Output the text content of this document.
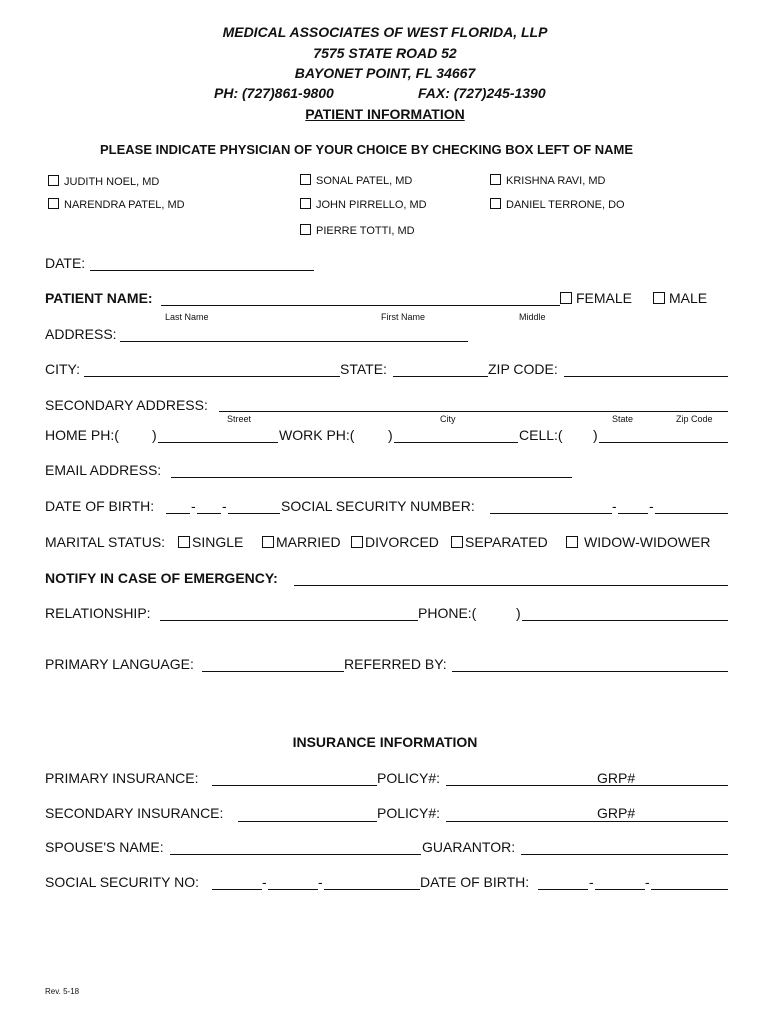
MEDICAL ASSOCIATES OF WEST FLORIDA, LLP
7575 STATE ROAD 52
BAYONET POINT, FL 34667
PH: (727)861-9800	FAX: (727)245-1390
PATIENT INFORMATION
PLEASE INDICATE PHYSICIAN OF YOUR CHOICE BY CHECKING BOX LEFT OF NAME
JUDITH NOEL, MD	SONAL PATEL, MD	KRISHNA RAVI, MD
NARENDRA PATEL, MD	JOHN PIRRELLO, MD	DANIEL TERRONE, DO
PIERRE TOTTI, MD
DATE:
PATIENT NAME:	FEMALE	MALE
Last Name	First Name	Middle
ADDRESS:
CITY:	STATE:	ZIP CODE:
SECONDARY ADDRESS:
Street	City	State	Zip Code
HOME PH:( )	WORK PH:( )	CELL:( )
EMAIL ADDRESS:
DATE OF BIRTH:	- -	SOCIAL SECURITY NUMBER:	- -
MARITAL STATUS:	SINGLE	MARRIED	DIVORCED	SEPARATED	WIDOW-WIDOWER
NOTIFY IN CASE OF EMERGENCY:
RELATIONSHIP:	PHONE:(	)
PRIMARY LANGUAGE:	REFERRED BY:
INSURANCE INFORMATION
PRIMARY INSURANCE:	POLICY#:	GRP#
SECONDARY INSURANCE:	POLICY#:	GRP#
SPOUSE'S NAME:	GUARANTOR:
SOCIAL SECURITY NO:	-	-	DATE OF BIRTH:	-	-
Rev. 5-18
